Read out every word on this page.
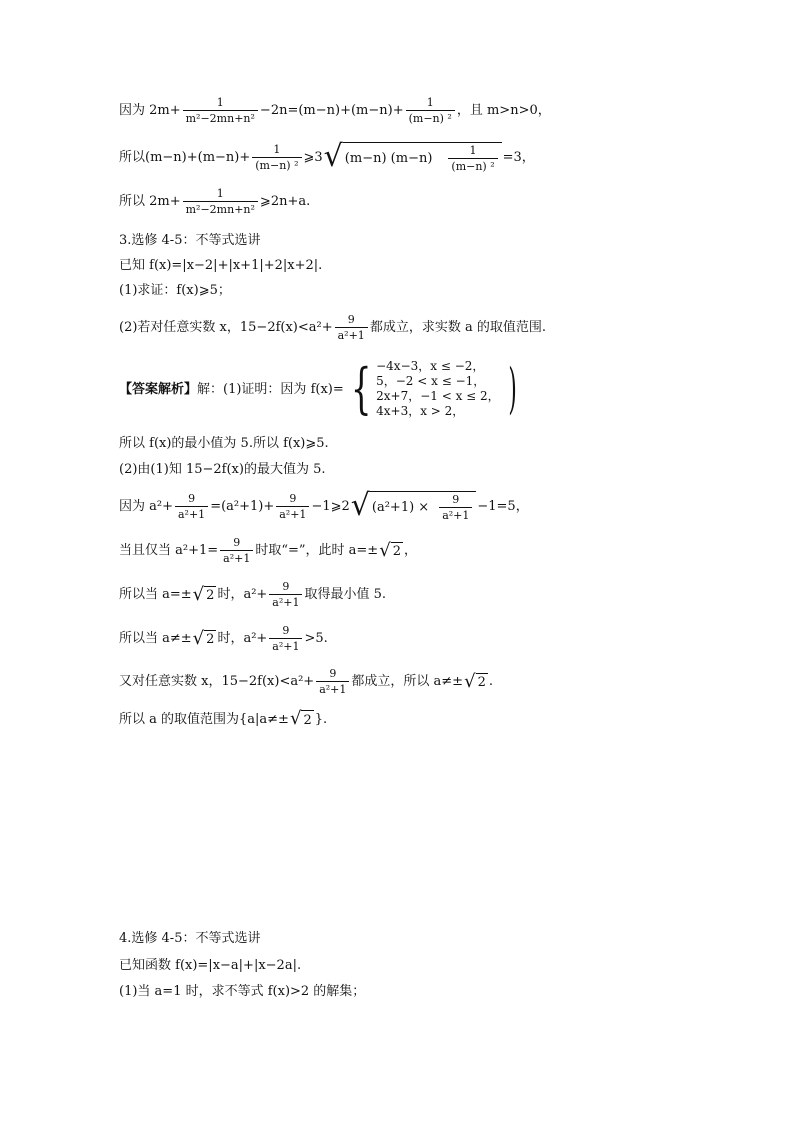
因为 $2m+ \frac{1}{\text{m²−2mn+n²}} -2n=(m-n)+(m-n)+ \frac{1}{\text{(m−n) ²}}$ ，且 m>n>0，
所以$(m-n)+(m-n)+ \frac{1}{\text{(m−n) ²}}$ ⩾3 √ (m−n) $(m-n) \frac{1}{\text{(m−n) ²}} =3$，
所以 $2m+ \frac{1}{\text{m²−2mn+n²}}$ ⩾2n+a.
3.选修 4-5：不等式选讲
已知 f(x)=|x−2|+|x+1|+2|x+2|.
(1)求证：f(x)⩾5；
(2)若对任意实数 x，$15-2f(x)<a^2+ \frac{9}{\text{a²+1}}$ 都成立，求实数 a 的取值范围.
【答案解析】 解：(1)证明：因为 f(x)= { −4x−3，x ≤ −2，
5，−2 < x ≤ −1，
2x+7，−1 < x ≤ 2，
4x+3，x > 2， )
所以 f(x)的最小值为 5.所以 f(x)⩾5.
(2)由(1)知 15−2f(x)的最大值为 5.
因为 $a^2+ \frac{9}{\text{a²+1}} =(a^2+1)+ \frac{9}{\text{a²+1}}$ −1⩾2 √ $(a^2+1) \times \frac{9}{\text{a²+1}} -1=5$，
当且仅当 $a^2+1= \frac{9}{\text{a²+1}}$ 时取“=”，此时 a=± √ 2 ，
所以当 a=± √ 2 时，$a^2+ \frac{9}{\text{a²+1}}$ 取得最小值 5.
所以当 a≠± √ 2 时，$a^2+ \frac{9}{\text{a²+1}} >5$.
又对任意实数 x，$15-2f(x)<a^2+ \frac{9}{\text{a²+1}}$ 都成立，所以 a≠± √ 2 .
所以 a 的取值范围为{a|a≠± √ 2 }.
4.选修 4-5：不等式选讲
已知函数 f(x)=|x−a|+|x−2a|.
(1)当 a=1 时，求不等式 f(x)>2 的解集；
